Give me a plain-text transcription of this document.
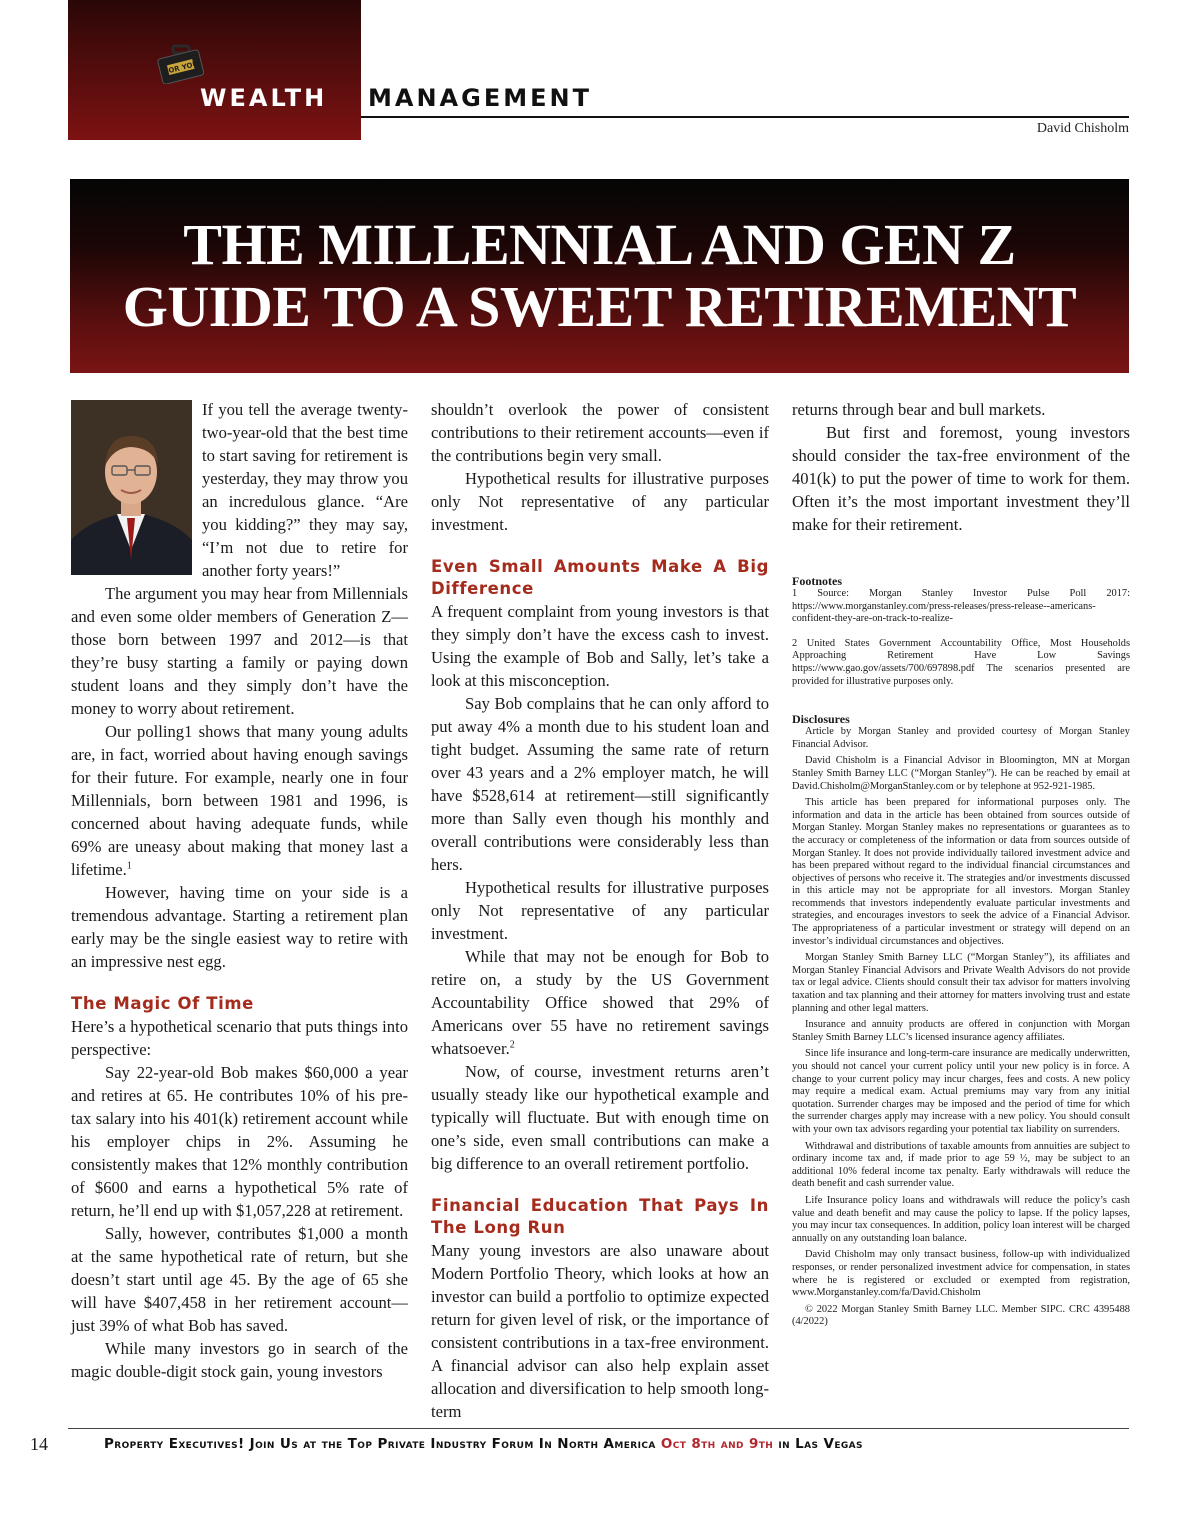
FOR YOU
WEALTH MANAGEMENT
David Chisholm
THE MILLENNIAL AND GEN Z
GUIDE TO A SWEET RETIREMENT

If you tell the average twenty-two-year-old that the best time to start saving for retirement is yesterday, they may throw you an incredulous glance. “Are you kidding?” they may say, “I’m not due to retire for another forty years!”

The argument you may hear from Millennials and even some older members of Generation Z—those born between 1997 and 2012—is that they’re busy starting a family or paying down student loans and they simply don’t have the money to worry about retirement.

Our polling1 shows that many young adults are, in fact, worried about having enough savings for their future. For example, nearly one in four Millennials, born between 1981 and 1996, is concerned about having adequate funds, while 69% are uneasy about making that money last a lifetime.$^1$

However, having time on your side is a tremendous advantage. Starting a retirement plan early may be the single easiest way to retire with an impressive nest egg.

The Magic Of Time

Here’s a hypothetical scenario that puts things into perspective:

Say 22-year-old Bob makes $60,000 a year and retires at 65. He contributes 10% of his pre-tax salary into his 401(k) retirement account while his employer chips in 2%. Assuming he consistently makes that 12% monthly contribution of $600 and earns a hypothetical 5% rate of return, he’ll end up with $1,057,228 at retirement.

Sally, however, contributes $1,000 a month at the same hypothetical rate of return, but she doesn’t start until age 45. By the age of 65 she will have $407,458 in her retirement account—just 39% of what Bob has saved.

While many investors go in search of the magic double-digit stock gain, young investors

shouldn’t overlook the power of consistent contributions to their retirement accounts—even if the contributions begin very small.

Hypothetical results for illustrative purposes only Not representative of any particular investment.

Even Small Amounts Make A Big Difference

A frequent complaint from young investors is that they simply don’t have the excess cash to invest. Using the example of Bob and Sally, let’s take a look at this misconception.

Say Bob complains that he can only afford to put away 4% a month due to his student loan and tight budget. Assuming the same rate of return over 43 years and a 2% employer match, he will have $528,614 at retirement—still significantly more than Sally even though his monthly and overall contributions were considerably less than hers.

Hypothetical results for illustrative purposes only Not representative of any particular investment.

While that may not be enough for Bob to retire on, a study by the US Government Accountability Office showed that 29% of Americans over 55 have no retirement savings whatsoever.$^2$

Now, of course, investment returns aren’t usually steady like our hypothetical example and typically will fluctuate. But with enough time on one’s side, even small contributions can make a big difference to an overall retirement portfolio.

Financial Education That Pays In The Long Run

Many young investors are also unaware about Modern Portfolio Theory, which looks at how an investor can build a portfolio to optimize expected return for given level of risk, or the importance of consistent contributions in a tax-free environment. A financial advisor can also help explain asset allocation and diversification to help smooth long-term

returns through bear and bull markets.

But first and foremost, young investors should consider the tax-free environment of the 401(k) to put the power of time to work for them. Often it’s the most important investment they’ll make for their retirement.

Footnotes

1 Source: Morgan Stanley Investor Pulse Poll 2017: https://www.morganstanley.com/press-releases/press-release--americans-confident-they-are-on-track-to-realize-

2 United States Government Accountability Office, Most Households Approaching Retirement Have Low Savings https://www.gao.gov/assets/700/697898.pdf The scenarios presented are provided for illustrative purposes only.

Disclosures

Article by Morgan Stanley and provided courtesy of Morgan Stanley Financial Advisor.

David Chisholm is a Financial Advisor in Bloomington, MN at Morgan Stanley Smith Barney LLC (“Morgan Stanley”). He can be reached by email at David.Chisholm@MorganStanley.com or by telephone at 952-921-1985.

This article has been prepared for informational purposes only. The information and data in the article has been obtained from sources outside of Morgan Stanley. Morgan Stanley makes no representations or guarantees as to the accuracy or completeness of the information or data from sources outside of Morgan Stanley. It does not provide individually tailored investment advice and has been prepared without regard to the individual financial circumstances and objectives of persons who receive it. The strategies and/or investments discussed in this article may not be appropriate for all investors. Morgan Stanley recommends that investors independently evaluate particular investments and strategies, and encourages investors to seek the advice of a Financial Advisor. The appropriateness of a particular investment or strategy will depend on an investor’s individual circumstances and objectives.

Morgan Stanley Smith Barney LLC (“Morgan Stanley”), its affiliates and Morgan Stanley Financial Advisors and Private Wealth Advisors do not provide tax or legal advice. Clients should consult their tax advisor for matters involving taxation and tax planning and their attorney for matters involving trust and estate planning and other legal matters.

Insurance and annuity products are offered in conjunction with Morgan Stanley Smith Barney LLC’s licensed insurance agency affiliates.

Since life insurance and long-term-care insurance are medically underwritten, you should not cancel your current policy until your new policy is in force. A change to your current policy may incur charges, fees and costs. A new policy may require a medical exam. Actual premiums may vary from any initial quotation. Surrender charges may be imposed and the period of time for which the surrender charges apply may increase with a new policy. You should consult with your own tax advisors regarding your potential tax liability on surrenders.

Withdrawal and distributions of taxable amounts from annuities are subject to ordinary income tax and, if made prior to age 59 ½, may be subject to an additional 10% federal income tax penalty. Early withdrawals will reduce the death benefit and cash surrender value.

Life Insurance policy loans and withdrawals will reduce the policy’s cash value and death benefit and may cause the policy to lapse. If the policy lapses, you may incur tax consequences. In addition, policy loan interest will be charged annually on any outstanding loan balance.

David Chisholm may only transact business, follow-up with individualized responses, or render personalized investment advice for compensation, in states where he is registered or excluded or exempted from registration, www.Morganstanley.com/fa/David.Chisholm

© 2022 Morgan Stanley Smith Barney LLC. Member SIPC. CRC 4395488 (4/2022)

14	Property Executives! Join Us at the Top Private Industry Forum In North America Oct 8th and 9th in Las Vegas
